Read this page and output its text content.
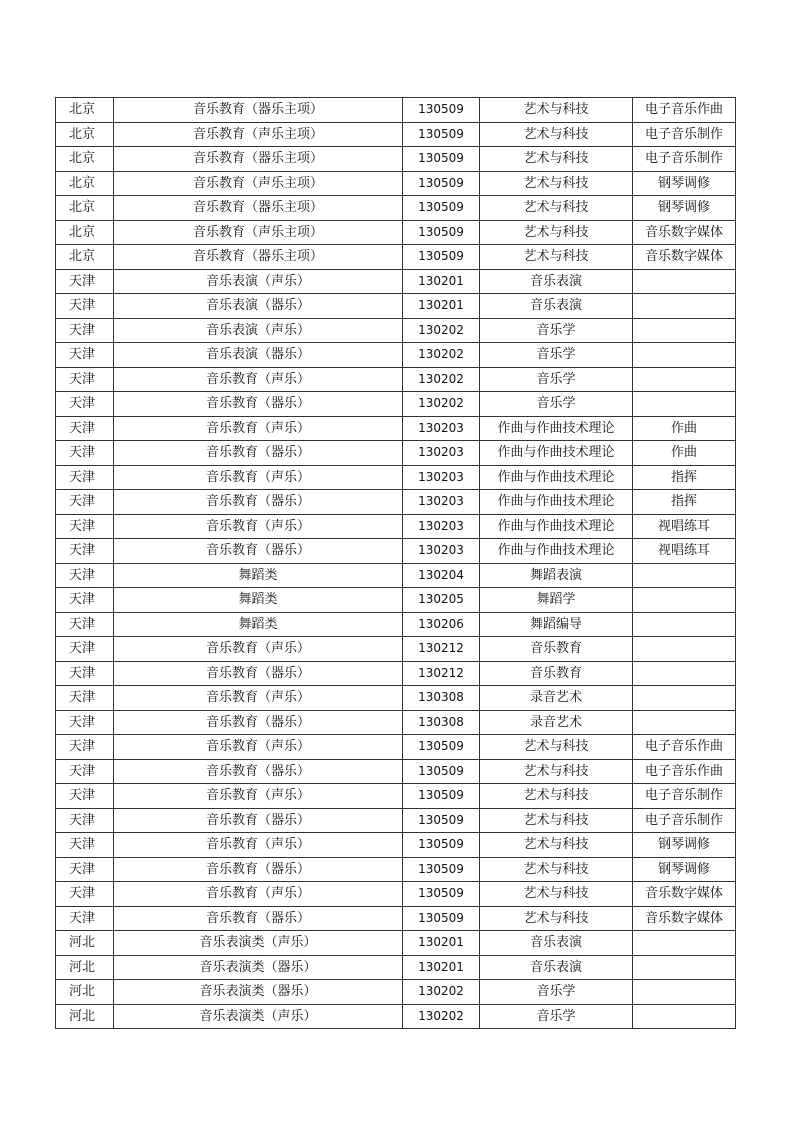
北京	音乐教育（器乐主项）	130509	艺术与科技	电子音乐作曲
北京	音乐教育（声乐主项）	130509	艺术与科技	电子音乐制作
北京	音乐教育（器乐主项）	130509	艺术与科技	电子音乐制作
北京	音乐教育（声乐主项）	130509	艺术与科技	钢琴调修
北京	音乐教育（器乐主项）	130509	艺术与科技	钢琴调修
北京	音乐教育（声乐主项）	130509	艺术与科技	音乐数字媒体
北京	音乐教育（器乐主项）	130509	艺术与科技	音乐数字媒体
天津	音乐表演（声乐）	130201	音乐表演	
天津	音乐表演（器乐）	130201	音乐表演	
天津	音乐表演（声乐）	130202	音乐学	
天津	音乐表演（器乐）	130202	音乐学	
天津	音乐教育（声乐）	130202	音乐学	
天津	音乐教育（器乐）	130202	音乐学	
天津	音乐教育（声乐）	130203	作曲与作曲技术理论	作曲
天津	音乐教育（器乐）	130203	作曲与作曲技术理论	作曲
天津	音乐教育（声乐）	130203	作曲与作曲技术理论	指挥
天津	音乐教育（器乐）	130203	作曲与作曲技术理论	指挥
天津	音乐教育（声乐）	130203	作曲与作曲技术理论	视唱练耳
天津	音乐教育（器乐）	130203	作曲与作曲技术理论	视唱练耳
天津	舞蹈类	130204	舞蹈表演	
天津	舞蹈类	130205	舞蹈学	
天津	舞蹈类	130206	舞蹈编导	
天津	音乐教育（声乐）	130212	音乐教育	
天津	音乐教育（器乐）	130212	音乐教育	
天津	音乐教育（声乐）	130308	录音艺术	
天津	音乐教育（器乐）	130308	录音艺术	
天津	音乐教育（声乐）	130509	艺术与科技	电子音乐作曲
天津	音乐教育（器乐）	130509	艺术与科技	电子音乐作曲
天津	音乐教育（声乐）	130509	艺术与科技	电子音乐制作
天津	音乐教育（器乐）	130509	艺术与科技	电子音乐制作
天津	音乐教育（声乐）	130509	艺术与科技	钢琴调修
天津	音乐教育（器乐）	130509	艺术与科技	钢琴调修
天津	音乐教育（声乐）	130509	艺术与科技	音乐数字媒体
天津	音乐教育（器乐）	130509	艺术与科技	音乐数字媒体
河北	音乐表演类（声乐）	130201	音乐表演	
河北	音乐表演类（器乐）	130201	音乐表演	
河北	音乐表演类（器乐）	130202	音乐学	
河北	音乐表演类（声乐）	130202	音乐学	
